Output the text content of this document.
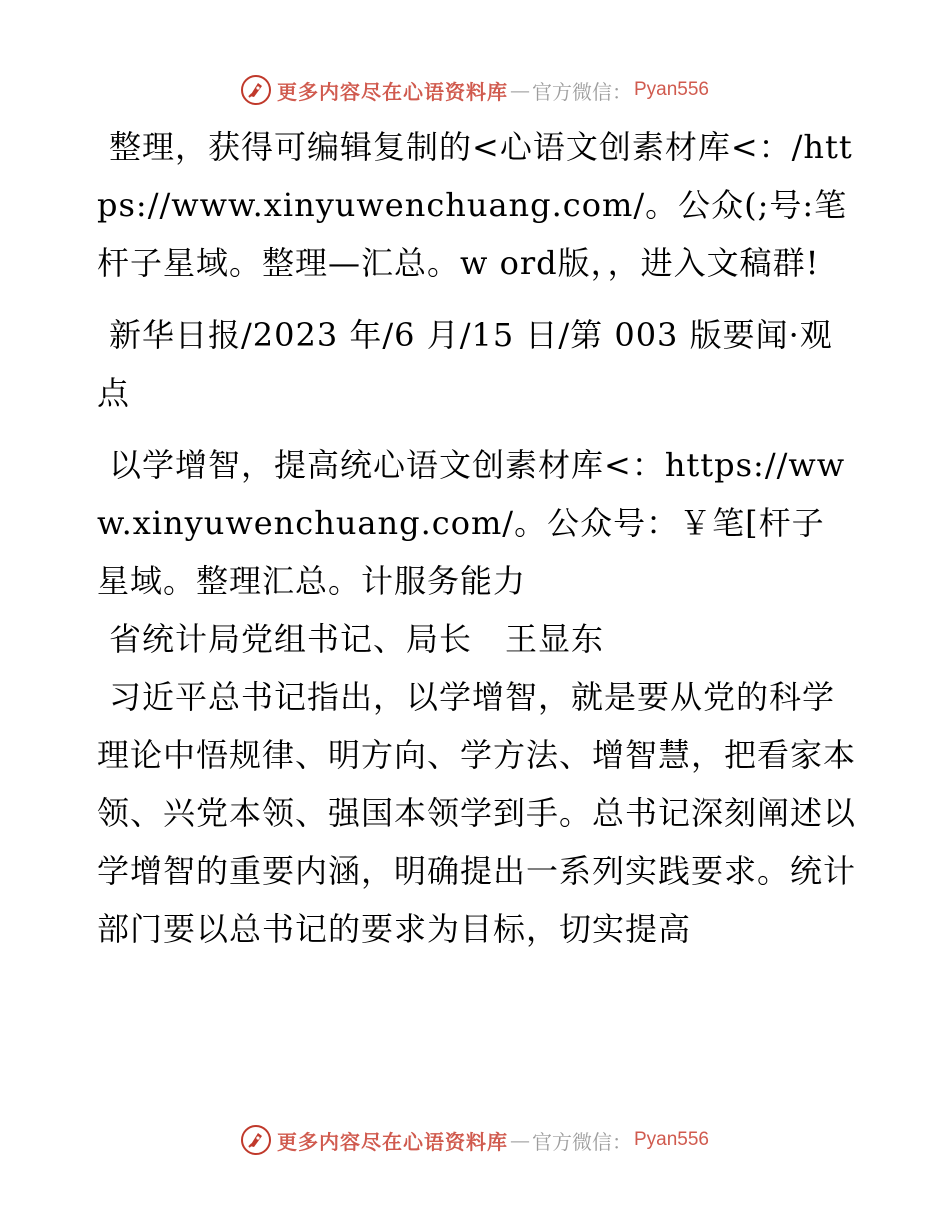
更多内容尽在心语资料库 — 官方微信： Pyan556

整理，获得可编辑复制的<心语文创素材库<：/https://www.xinyuwenchuang.com/。公众(;号:笔杆子星域。整理—汇总。w ord版，，进入文稿群!

新华日报/2023 年/6 月/15 日/第 003 版要闻·观点

以学增智，提高统心语文创素材库<：https://www.xinyuwenchuang.com/。公众号：￥笔[杆子星域。整理汇总。计服务能力

省统计局党组书记、局长　王显东

习近平总书记指出，以学增智，就是要从党的科学理论中悟规律、明方向、学方法、增智慧，把看家本领、兴党本领、强国本领学到手。总书记深刻阐述以学增智的重要内涵，明确提出一系列实践要求。统计部门要以总书记的要求为目标，切实提高

更多内容尽在心语资料库 — 官方微信： Pyan556
